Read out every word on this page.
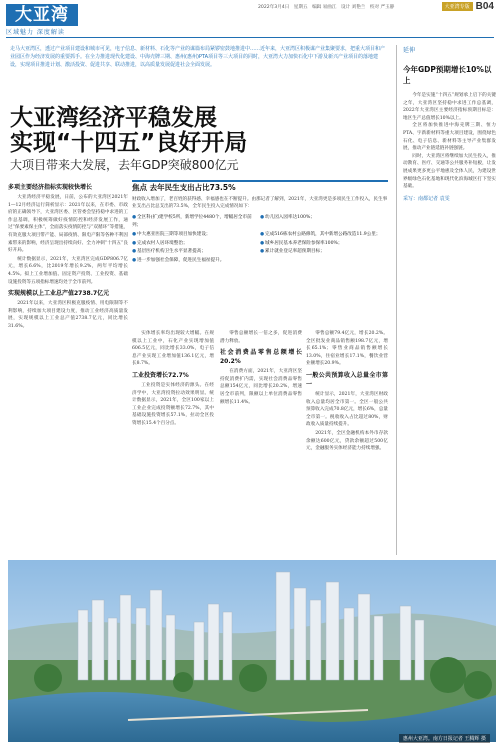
大亚湾
区域魅力 深度解读
2022年3月4日 星期五 编辑 易曲江 设计 刘艳兰 校对 严玉静	大亚湾专版 B04
走马大亚湾区，透过产业项目建设和城市可见，电子信息、新材料、石化等产业的谋篇布局紧锣密鼓地推进中……近年来，大亚湾区积极谋产业集聚要求，把重大项目和产业园区作为经济发展的重要抓手。在全力推进现代化建设、中海壳牌三期、惠州(惠州)PTA项目等三大项目的同时，大亚湾大力加快石化中下游及新兴产业项目的落地建设，实现项目推进计划、激活投资、促进共享、联动推进，以高质量发展促进社会全面发展。
大亚湾经济平稳发展
实现“十四五”良好开局
大项目带来大发展，去年GDP突破800亿元
多项主要经济指标实现较快增长

大亚湾经济平稳发展，日前，公布的大亚湾区2021年1—12月经济运行简析显示：2021年以来，在市委、市政府的正确领导下，大亚湾区委、区管委会坚持稳中求进的工作总基调，积极统筹做好疫情防控和经济发展工作，通过“保要素保主体”，全面落实疫情防控与“双循环”等措施，有效克服大项目带产能、局部疫情、限电产限等各种不利因素带来的影响，经济呈现出持续向好、全力冲刺“十四五”良好开局。

统计数据显示，2021年，大亚湾区完成GDP806.7亿元，增长6.6%，比2019年增长9.2%，两年平均增长4.5%。拟上工业增加值、固定资产投资、工业投资、基础设施投资等五项指标增速均处于全市前列。

实现规模以上工业总产值2738.7亿元

2021年以来，大亚湾区积极克服疫情、用电限制等不利影响，持续加大项目建设力度，推动工业经济高质量发展，实现规模以上工业总产值2738.7亿元，同比增长31.6%。

焦点 去年民生支出占比73.5%
财政收入增加了，老百姓的获得感、幸福感也在不断提升。由那记者了解到，2021年，大亚湾更是多项民生工作投入，民生事业支出占比总支出的73.5%，全年民生投入完成情况如下：
●全区科(扩)建学校5所，新增学位4480个，增幅居全市前列；
●幼儿园入园率达100%；
●中大惠亚医院三期等项目加快建设；	●完成516栋农村公路修筑，其中新增公路改造11.9公里；
●完成农村人居环境整治；	●城乡居民基本养老保险参保率100%；
●基层医疗机构卫生水平显著提高；	●累计就业登记率超预期目标；
●进一步加强社会保障，促进民生福祉提升。

实体增长率均出现较大增幅。在规模以上工业中，石化产业实现增加值606.5亿元，同比增长33.0%，电子信息产业实现工业增加值136.1亿元，增长8.7%。

工业投资增长72.7%

工业投资是实体经济的源头。在经济学中，大亚湾投资拉动效果明显。统计数据显示，2021年，全区100家以上工业企业完成投资额增长72.7%，其中基础设施投资增长57.1%，拉动全区投资增长15.4个百分点。

零售总额增长一倍之多，促进消费潜力释放。

社会消费品零售总额增长20.2%

在消费方面，2021年，大亚湾区坚持促消费扩内需，实现社会消费品零售总额154亿元，同比增长20.2%，增速居全市前列，限额以上单位消费品零售额增长11.4%。

零售总额79.4亿元，增长20.2%。全区批发业商品销售额198.7亿元，增长65.1%；零售业商品销售额增长13.0%，住宿业增长17.1%，餐饮业营业额增长20.9%。

一般公共预算收入总量全市第一

统计显示，2021年，大亚湾区财政收入总量均居全市第一。全区一般公共预算收入完成70.8亿元，增长6%，总量全市第一。税收收入占比超过80%，财政收入质量持续提升。

2021年，全区金融机构本外币存款余额达600亿元，贷款余额超过500亿元，金融服务实体经济能力持续增强。

延伸
今年GDP预期增长10%以上

今年是实施“十四五”规划承上启下的关键之年，大亚湾区坚持稳中求进工作总基调，2022年大亚湾区主要经济指标预期目标是：地区生产总值增长10%以上。

全区将加快推进中海壳牌三期、恒力PTA、宇新新材料等重大项目建设，围绕绿色石化、电子信息、新材料等主导产业集群发展，推动产业链延链补链强链。

同时，大亚湾区将继续加大民生投入，推动教育、医疗、交通等公共服务补短板，让发展成果更多更公平地惠及全体人民，为建设世界级绿色石化基地和现代化滨海城区打下坚实基础。

采写：南都记者 袁雯
惠州大亚湾。南方日报记者 王腾辉 摄
